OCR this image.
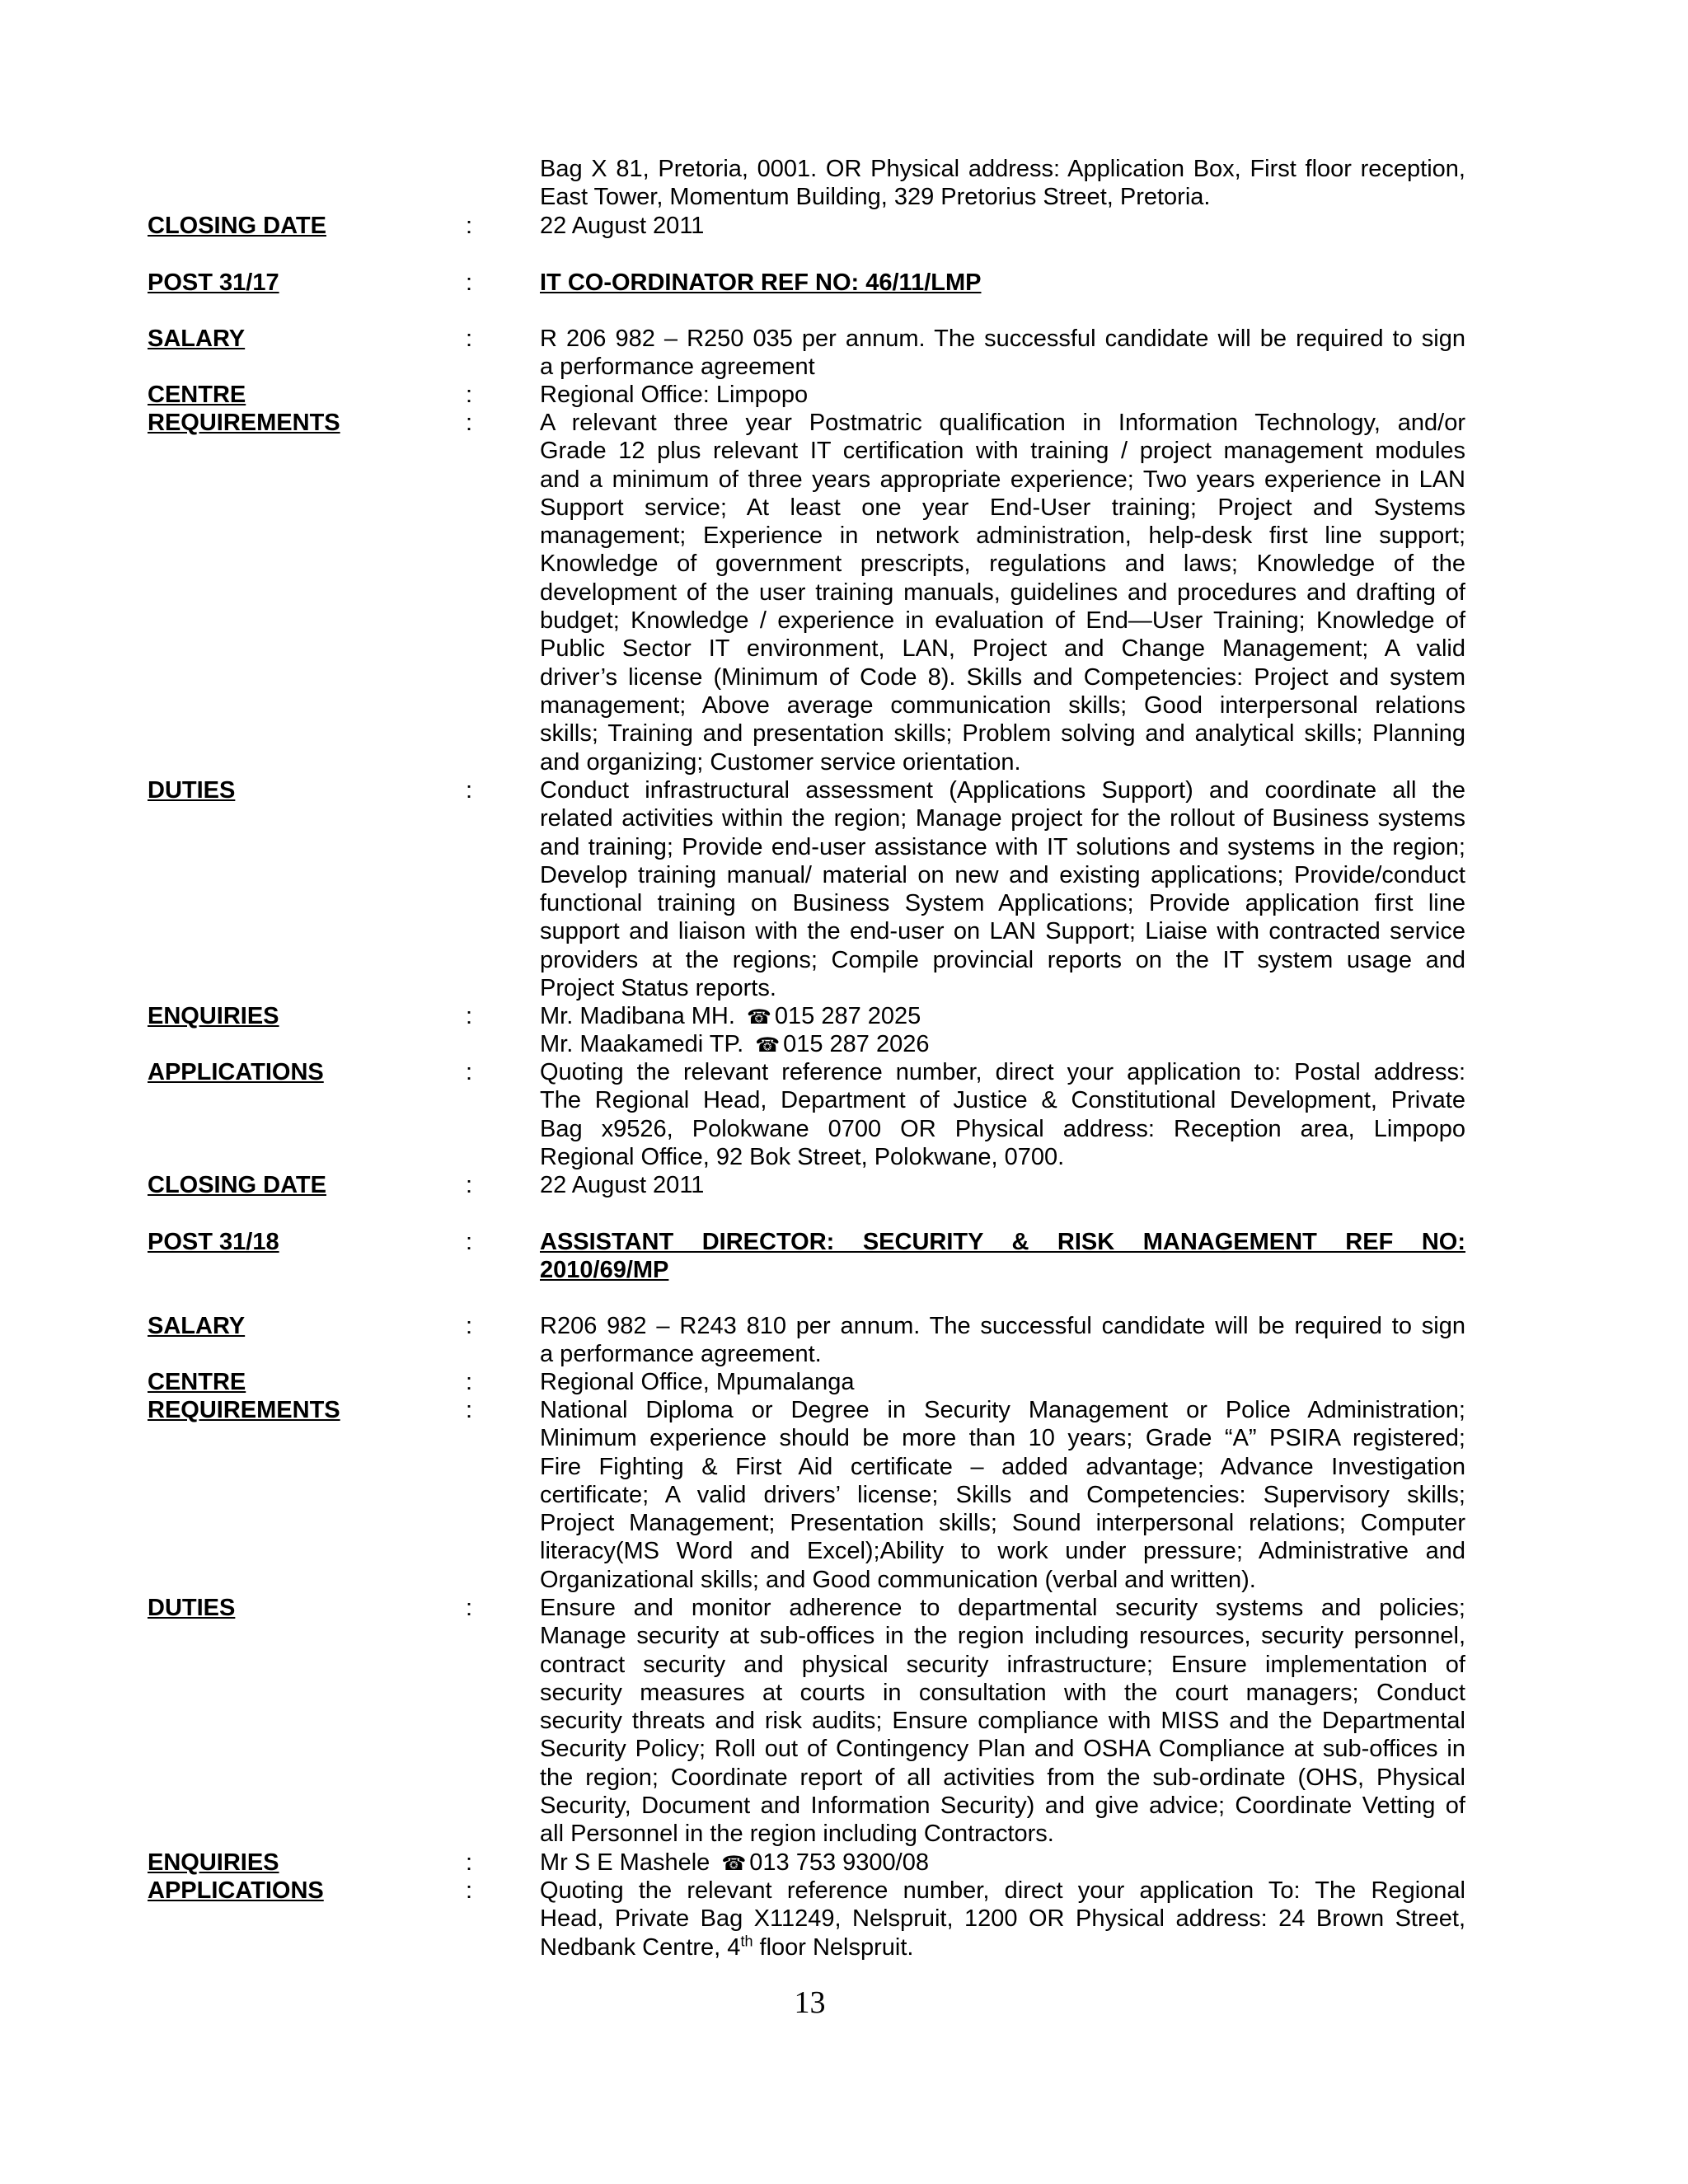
Bag X 81, Pretoria, 0001. OR Physical address: Application Box, First floor reception,
East Tower, Momentum Building, 329 Pretorius Street, Pretoria.
CLOSING DATE	:	22 August 2011
POST 31/17	:	IT CO-ORDINATOR REF NO: 46/11/LMP
SALARY	:	R 206 982 – R250 035 per annum. The successful candidate will be required to sign
a performance agreement
CENTRE	:	Regional Office: Limpopo
REQUIREMENTS	:	A relevant three year Postmatric qualification in Information Technology, and/or
Grade 12 plus relevant IT certification with training / project management modules
and a minimum of three years appropriate experience; Two years experience in LAN
Support service; At least one year End-User training; Project and Systems
management; Experience in network administration, help-desk first line support;
Knowledge of government prescripts, regulations and laws; Knowledge of the
development of the user training manuals, guidelines and procedures and drafting of
budget; Knowledge / experience in evaluation of End—User Training; Knowledge of
Public Sector IT environment, LAN, Project and Change Management; A valid
driver’s license (Minimum of Code 8). Skills and Competencies: Project and system
management; Above average communication skills; Good interpersonal relations
skills; Training and presentation skills; Problem solving and analytical skills; Planning
and organizing; Customer service orientation.
DUTIES	:	Conduct infrastructural assessment (Applications Support) and coordinate all the
related activities within the region; Manage project for the rollout of Business systems
and training; Provide end-user assistance with IT solutions and systems in the region;
Develop training manual/ material on new and existing applications; Provide/conduct
functional training on Business System Applications; Provide application first line
support and liaison with the end-user on LAN Support; Liaise with contracted service
providers at the regions; Compile provincial reports on the IT system usage and
Project Status reports.
ENQUIRIES	:	Mr. Madibana MH. ☎ 015 287 2025
Mr. Maakamedi TP. ☎ 015 287 2026
APPLICATIONS	:	Quoting the relevant reference number, direct your application to: Postal address:
The Regional Head, Department of Justice & Constitutional Development, Private
Bag x9526, Polokwane 0700 OR Physical address: Reception area, Limpopo
Regional Office, 92 Bok Street, Polokwane, 0700.
CLOSING DATE	:	22 August 2011
POST 31/18	:	ASSISTANT DIRECTOR: SECURITY & RISK MANAGEMENT REF NO:
2010/69/MP
SALARY	:	R206 982 – R243 810 per annum. The successful candidate will be required to sign
a performance agreement.
CENTRE	:	Regional Office, Mpumalanga
REQUIREMENTS	:	National Diploma or Degree in Security Management or Police Administration;
Minimum experience should be more than 10 years; Grade “A” PSIRA registered;
Fire Fighting & First Aid certificate – added advantage; Advance Investigation
certificate; A valid drivers’ license; Skills and Competencies: Supervisory skills;
Project Management; Presentation skills; Sound interpersonal relations; Computer
literacy(MS Word and Excel);Ability to work under pressure; Administrative and
Organizational skills; and Good communication (verbal and written).
DUTIES	:	Ensure and monitor adherence to departmental security systems and policies;
Manage security at sub-offices in the region including resources, security personnel,
contract security and physical security infrastructure; Ensure implementation of
security measures at courts in consultation with the court managers; Conduct
security threats and risk audits; Ensure compliance with MISS and the Departmental
Security Policy; Roll out of Contingency Plan and OSHA Compliance at sub-offices in
the region; Coordinate report of all activities from the sub-ordinate (OHS, Physical
Security, Document and Information Security) and give advice; Coordinate Vetting of
all Personnel in the region including Contractors.
ENQUIRIES	:	Mr S E Mashele ☎ 013 753 9300/08
APPLICATIONS	:	Quoting the relevant reference number, direct your application To: The Regional
Head, Private Bag X11249, Nelspruit, 1200 OR Physical address: 24 Brown Street,
Nedbank Centre, 4th floor Nelspruit.
13
